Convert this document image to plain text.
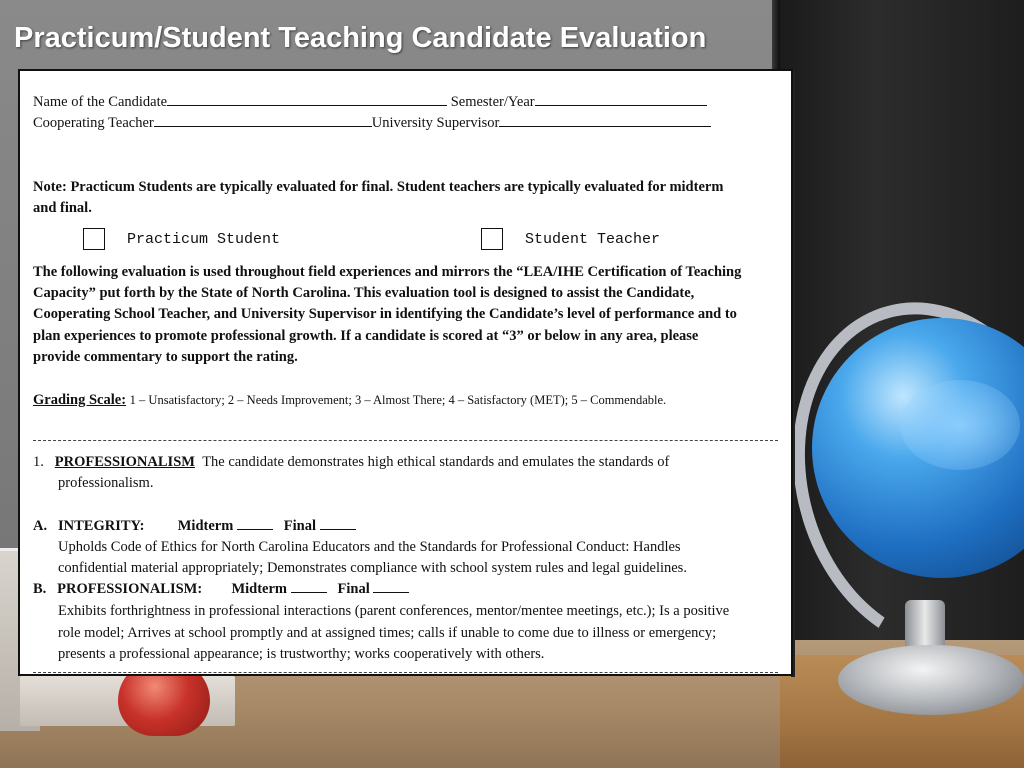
Practicum/Student Teaching Candidate Evaluation
Name of the Candidate	Semester/Year
Cooperating Teacher	University Supervisor
Note: Practicum Students are typically evaluated for final. Student teachers are typically evaluated for midterm
and final.
Practicum Student	Student Teacher
The following evaluation is used throughout field experiences and mirrors the “LEA/IHE Certification of Teaching
Capacity” put forth by the State of North Carolina. This evaluation tool is designed to assist the Candidate,
Cooperating School Teacher, and University Supervisor in identifying the Candidate’s level of performance and to
plan experiences to promote professional growth. If a candidate is scored at “3” or below in any area, please
provide commentary to support the rating.
Grading Scale: 1 – Unsatisfactory; 2 – Needs Improvement; 3 – Almost There; 4 – Satisfactory (MET); 5 – Commendable.
1. PROFESSIONALISM The candidate demonstrates high ethical standards and emulates the standards of
professionalism.
A. INTEGRITY: Midterm	Final
Upholds Code of Ethics for North Carolina Educators and the Standards for Professional Conduct: Handles
confidential material appropriately; Demonstrates compliance with school system rules and legal guidelines.
B. PROFESSIONALISM: Midterm	Final
Exhibits forthrightness in professional interactions (parent conferences, mentor/mentee meetings, etc.); Is a positive
role model; Arrives at school promptly and at assigned times; calls if unable to come due to illness or emergency;
presents a professional appearance; is trustworthy; works cooperatively with others.
